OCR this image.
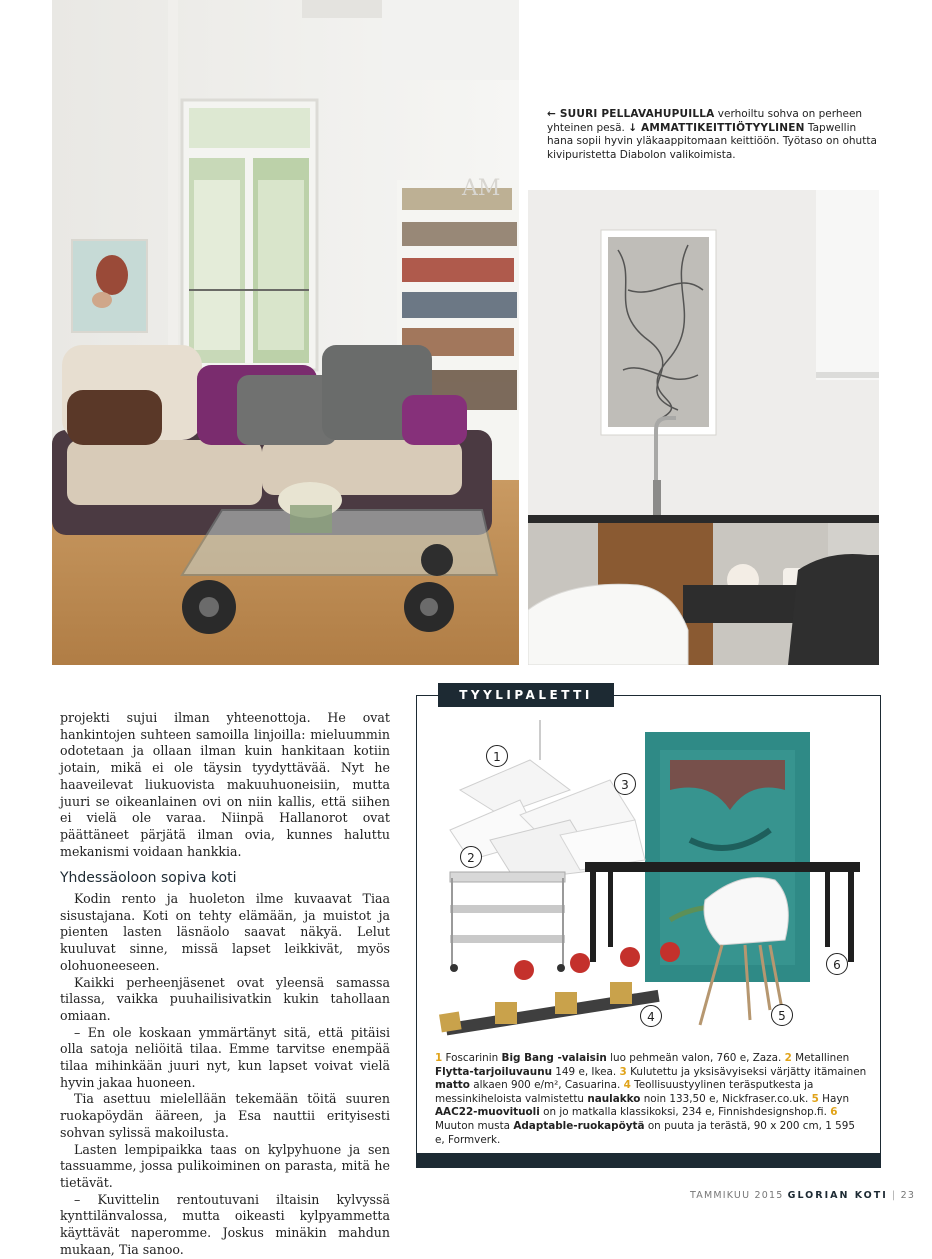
AM
← SUURI PELLAVAHUPUILLA verhoiltu sohva on perheen yhteinen pesä. ↓ AMMATTIKEITTIÖTYYLINEN Tapwellin hana sopii hyvin yläkaappitomaan keittiöön. Työtaso on ohutta kivipuristetta Diabolon valikoimista.

projekti sujui ilman yhteenottoja. He ovat hankintojen suhteen samoilla linjoilla: mieluummin odotetaan ja ollaan ilman kuin hankitaan kotiin jotain, mikä ei ole täysin tyydyttävää. Nyt he haaveilevat liukuovista makuuhuoneisiin, mutta juuri se oikeanlainen ovi on niin kallis, että siihen ei vielä ole varaa. Niinpä Hallanorot ovat päättäneet pärjätä ilman ovia, kunnes haluttu mekanismi voidaan hankkia.

Yhdessäoloon sopiva koti

Kodin rento ja huoleton ilme kuvaavat Tiaa sisustajana. Koti on tehty elämään, ja muistot ja pienten lasten läsnäolo saavat näkyä. Lelut kuuluvat sinne, missä lapset leikkivät, myös olohuoneeseen.

Kaikki perheenjäsenet ovat yleensä samassa tilassa, vaikka puuhailisivatkin kukin tahollaan omiaan.

– En ole koskaan ymmärtänyt sitä, että pitäisi olla satoja neliöitä tilaa. Emme tarvitse enempää tilaa mihinkään juuri nyt, kun lapset voivat vielä hyvin jakaa huoneen.

Tia asettuu mielellään tekemään töitä suuren ruokapöydän ääreen, ja Esa nauttii erityisesti sohvan sylissä makoilusta.

Lasten lempipaikka taas on kylpyhuone ja sen tassuamme, jossa pulikoiminen on parasta, mitä he tietävät.

– Kuvittelin rentoutuvani iltaisin kylvyssä kynttilänvalossa, mutta oikeasti kylpyammetta käyttävät naperomme. Joskus minäkin mahdun mukaan, Tia sanoo.

TYYLIPALETTI
1
2
3
4	5
6
1 Foscarinin Big Bang -valaisin luo pehmeän valon, 760 e, Zaza. 2 Metallinen Flytta-tarjoiluvaunu 149 e, Ikea. 3 Kulutettu ja yksisävyiseksi värjätty itämainen matto alkaen 900 e/m², Casuarina. 4 Teollisuustyylinen teräsputkesta ja messinkiheloista valmistettu naulakko noin 133,50 e, Nickfraser.co.uk. 5 Hayn AAC22-muovituoli on jo matkalla klassikoksi, 234 e, Finnishdesignshop.fi. 6 Muuton musta Adaptable-ruokapöytä on puuta ja terästä, 90 x 200 cm, 1 595 e, Formverk.
TAMMIKUU 2015 GLORIAN KOTI | 23
